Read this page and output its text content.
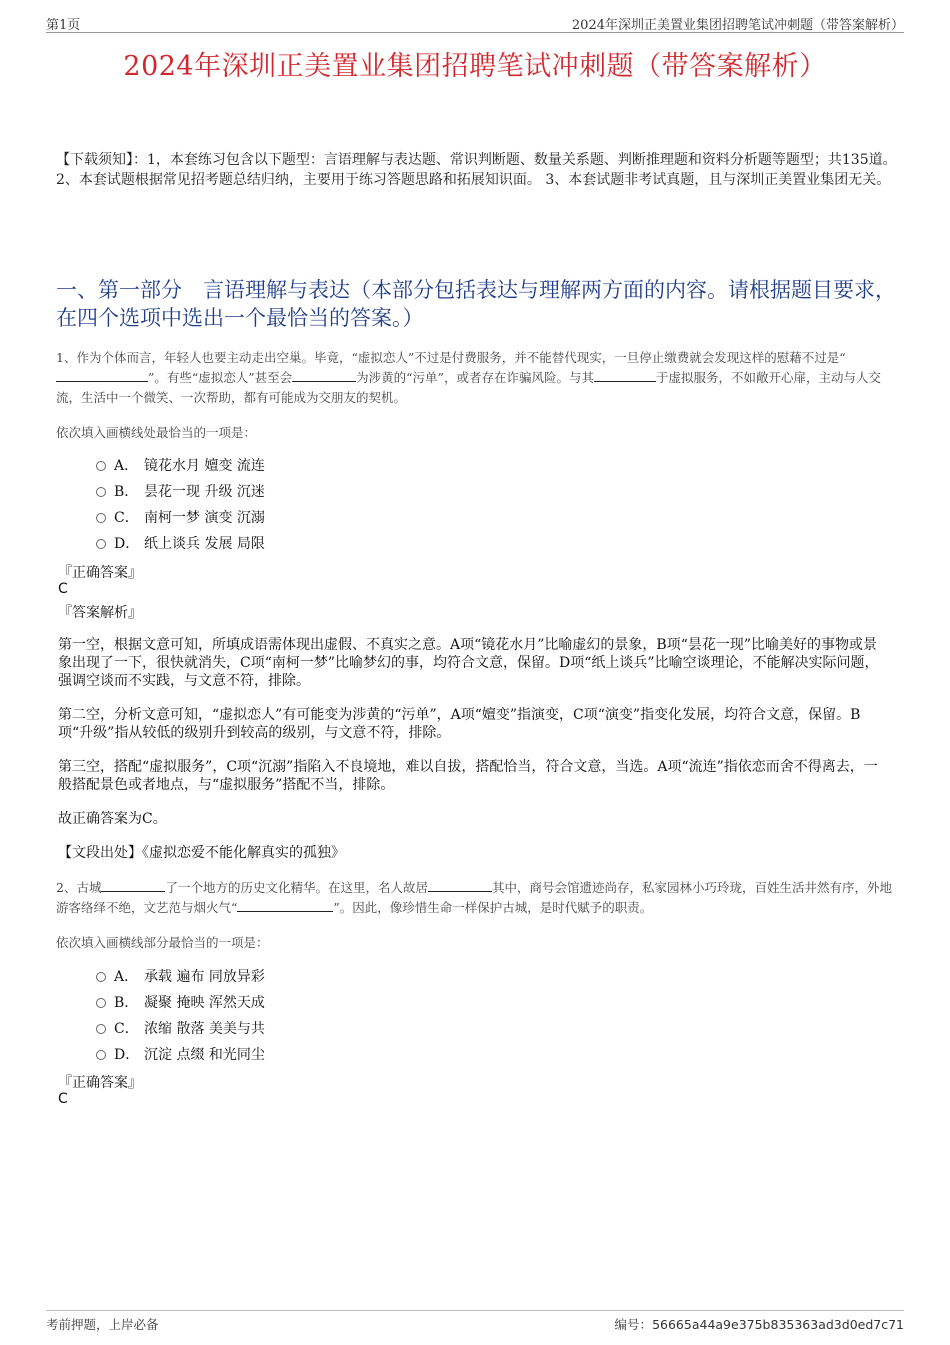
第1页	2024年深圳正美置业集团招聘笔试冲刺题（带答案解析）
2024年深圳正美置业集团招聘笔试冲刺题（带答案解析）
【下载须知】：1，本套练习包含以下题型：言语理解与表达题、常识判断题、数量关系题、判断推理题和资料分析题等题型；共135道。 2、本套试题根据常见招考题总结归纳，主要用于练习答题思路和拓展知识面。 3、本套试题非考试真题，且与深圳正美置业集团无关。
一、第一部分　言语理解与表达（本部分包括表达与理解两方面的内容。请根据题目要求，在四个选项中选出一个最恰当的答案。）
1、作为个体而言，年轻人也要主动走出空巢。毕竟，“虚拟恋人”不过是付费服务，并不能替代现实，一旦停止缴费就会发现这样的慰藉不过是“”。有些“虚拟恋人”甚至会	为涉黄的“污单”，或者存在诈骗风险。与其	于虚拟服务，不如敞开心扉，主动与人交流，生活中一个微笑、一次帮助，都有可能成为交朋友的契机。
依次填入画横线处最恰当的一项是：
A． 镜花水月 嬗变 流连
B． 昙花一现 升级 沉迷
C． 南柯一梦 演变 沉溺
D． 纸上谈兵 发展 局限
『正确答案』
C
『答案解析』
第一空，根据文意可知，所填成语需体现出虚假、不真实之意。A项“镜花水月”比喻虚幻的景象，B项“昙花一现”比喻美好的事物或景象出现了一下，很快就消失，C项“南柯一梦”比喻梦幻的事，均符合文意，保留。D项“纸上谈兵”比喻空谈理论，不能解决实际问题，强调空谈而不实践，与文意不符，排除。
第二空，分析文意可知，“虚拟恋人”有可能变为涉黄的“污单”，A项“嬗变”指演变，C项“演变”指变化发展，均符合文意，保留。B项“升级”指从较低的级别升到较高的级别，与文意不符，排除。
第三空，搭配“虚拟服务”，C项“沉溺”指陷入不良境地，难以自拔，搭配恰当，符合文意，当选。A项“流连”指依恋而舍不得离去，一般搭配景色或者地点，与“虚拟服务”搭配不当，排除。
故正确答案为C。
【文段出处】《虚拟恋爱不能化解真实的孤独》
2、古城	了一个地方的历史文化精华。在这里，名人故居	其中，商号会馆遗迹尚存，私家园林小巧玲珑，百姓生活井然有序，外地游客络绎不绝，文艺范与烟火气“	”。因此，像珍惜生命一样保护古城，是时代赋予的职责。
依次填入画横线部分最恰当的一项是：
A． 承载 遍布 同放异彩
B． 凝聚 掩映 浑然天成
C． 浓缩 散落 美美与共
D． 沉淀 点缀 和光同尘
『正确答案』
C
考前押题，上岸必备	编号：56665a44a9e375b835363ad3d0ed7c71
